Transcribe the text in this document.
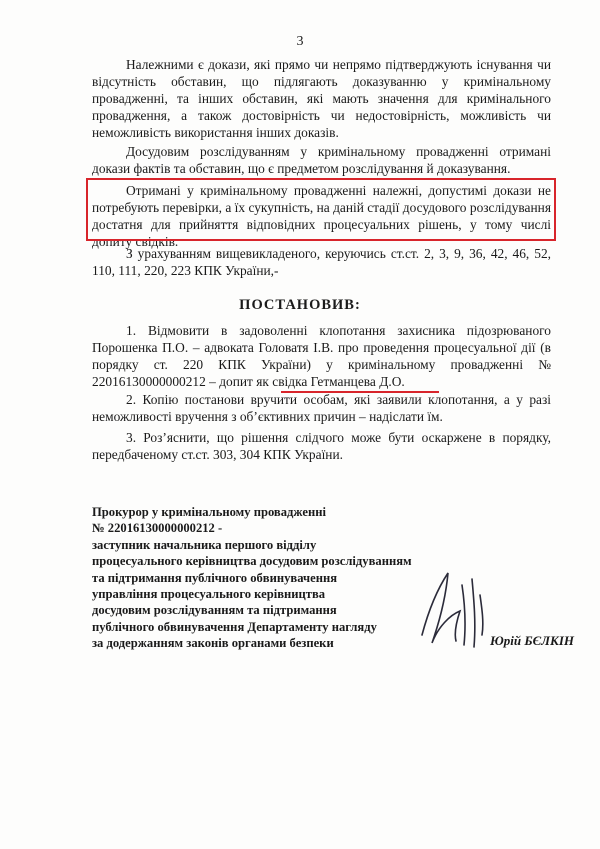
3
Належними є докази, які прямо чи непрямо підтверджують існування чи відсутність обставин, що підлягають доказуванню у кримінальному провадженні, та інших обставин, які мають значення для кримінального провадження, а також достовірність чи недостовірність, можливість чи неможливість використання інших доказів.
Досудовим розслідуванням у кримінальному провадженні отримані докази фактів та обставин, що є предметом розслідування й доказування.
Отримані у кримінальному провадженні належні, допустимі докази не потребують перевірки, а їх сукупність, на даній стадії досудового розслідування достатня для прийняття відповідних процесуальних рішень, у тому числі допиту свідків.
З урахуванням вищевикладеного, керуючись ст.ст. 2, 3, 9, 36, 42, 46, 52, 110, 111, 220, 223 КПК України,-
ПОСТАНОВИВ:
1. Відмовити в задоволенні клопотання захисника підозрюваного Порошенка П.О. – адвоката Головатя І.В. про проведення процесуальної дії (в порядку ст. 220 КПК України) у кримінальному провадженні № 22016130000000212 – допит як свідка Гетманцева Д.О.
2. Копію постанови вручити особам, які заявили клопотання, а у разі неможливості вручення з об’єктивних причин – надіслати їм.
3. Роз’яснити, що рішення слідчого може бути оскаржене в порядку, передбаченому ст.ст. 303, 304 КПК України.
Прокурор у кримінальному провадженні
№ 22016130000000212 -
заступник начальника першого відділу
процесуального керівництва досудовим розслідуванням
та підтримання публічного обвинувачення
управління процесуального керівництва
досудовим розслідуванням та підтримання
публічного обвинувачення Департаменту нагляду
за додержанням законів органами безпеки	Юрій БЄЛКІН
